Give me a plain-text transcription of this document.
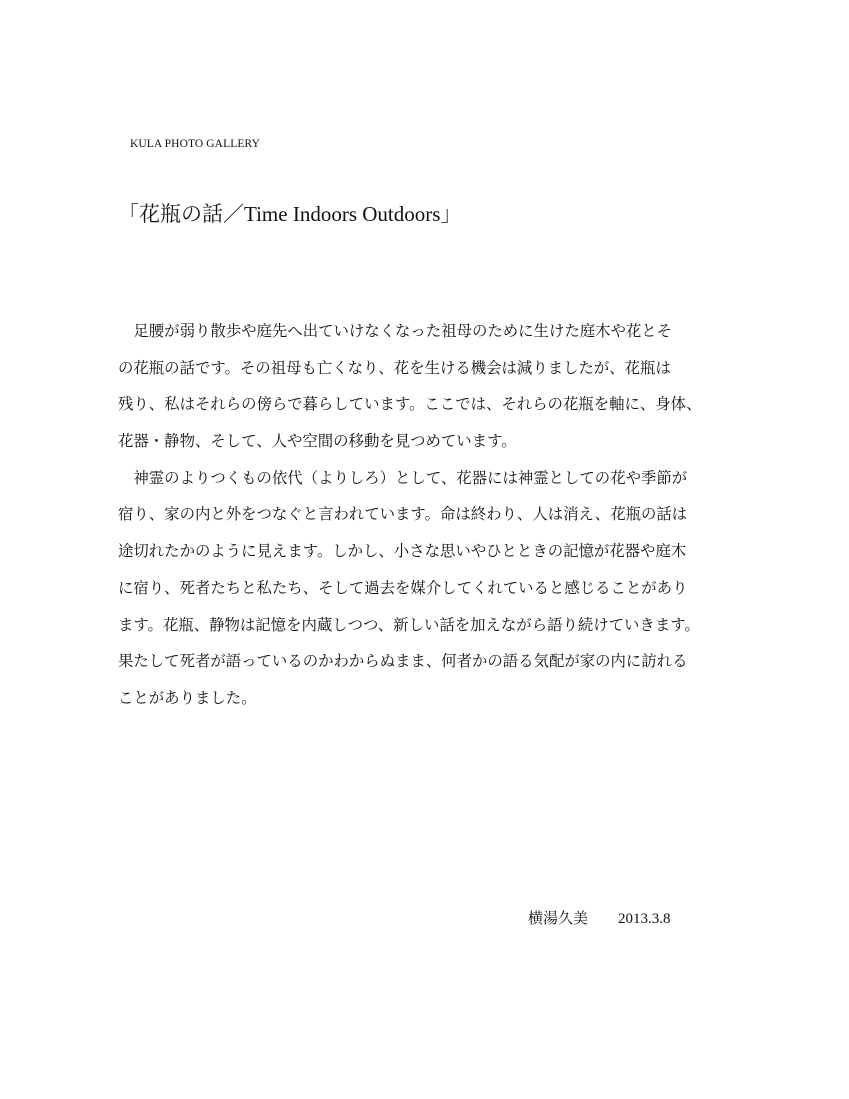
KULA PHOTO GALLERY
「花瓶の話／Time Indoors Outdoors」
　足腰が弱り散歩や庭先へ出ていけなくなった祖母のために生けた庭木や花とそ
の花瓶の話です。その祖母も亡くなり、花を生ける機会は減りましたが、花瓶は
残り、私はそれらの傍らで暮らしています。ここでは、それらの花瓶を軸に、身体、
花器・静物、そして、人や空間の移動を見つめています。
　神霊のよりつくもの依代（よりしろ）として、花器には神霊としての花や季節が
宿り、家の内と外をつなぐと言われています。命は終わり、人は消え、花瓶の話は
途切れたかのように見えます。しかし、小さな思いやひとときの記憶が花器や庭木
に宿り、死者たちと私たち、そして過去を媒介してくれていると感じることがあり
ます。花瓶、静物は記憶を内蔵しつつ、新しい話を加えながら語り続けていきます。
果たして死者が語っているのかわからぬまま、何者かの語る気配が家の内に訪れる
ことがありました。
横湯久美 2013.3.8
